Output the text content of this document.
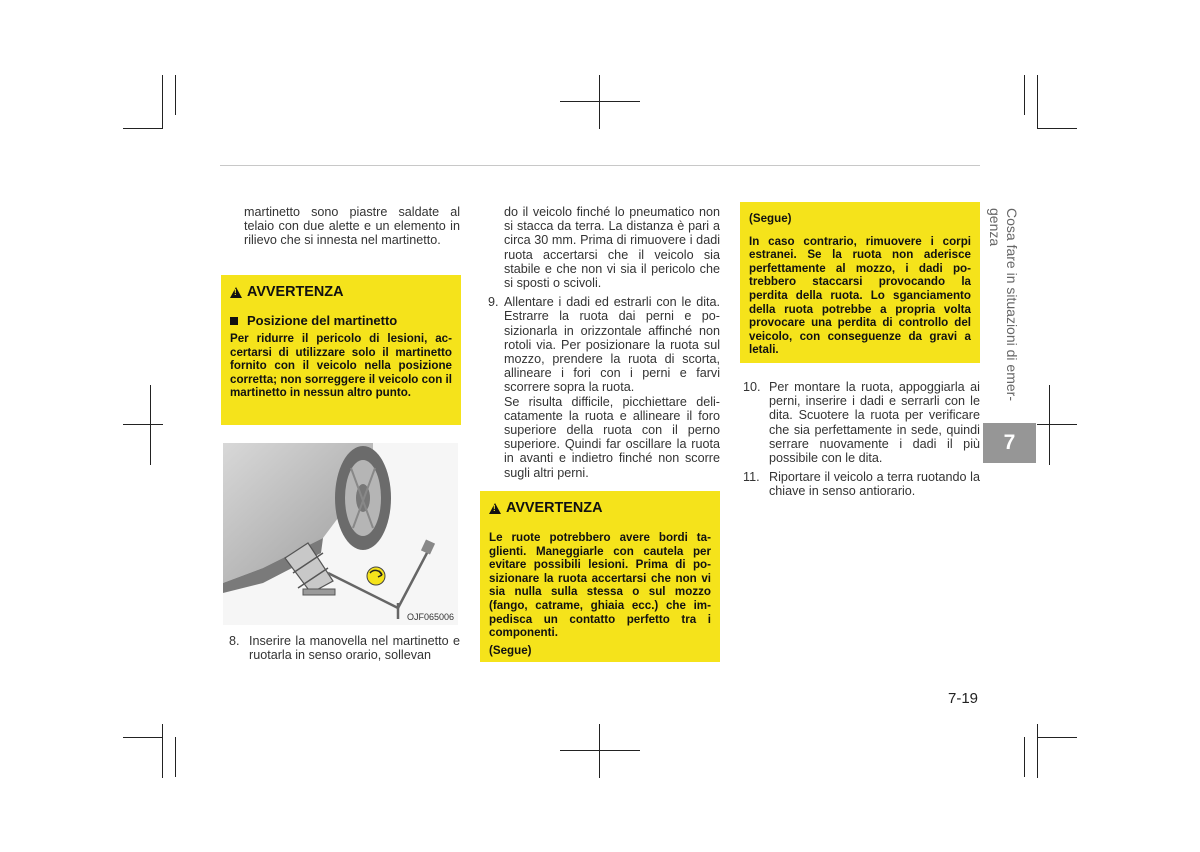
martinetto sono piastre saldate al telaio con due alette e un elemento in rilievo che si innesta nel martinetto.

!
AVVERTENZA
Posizione del martinetto
Per ridurre il pericolo di lesioni, accertarsi di utilizzare solo il martinetto fornito con il veicolo nella posizione corretta; non sorreggere il veicolo con il martinetto in nessun altro punto.
OJF065006
8. Inserire la manovella nel martinetto e ruotarla in senso orario, sollevan

do il veicolo finché lo pneumatico non si stacca da terra. La distanza è pari a circa 30 mm. Prima di rimuovere i dadi ruota accertarsi che il veicolo sia stabile e che non vi sia il pericolo che si sposti o scivoli.

9. Allentare i dadi ed estrarli con le dita. Estrarre la ruota dai perni e posizionarla in orizzontale affinché non rotoli via. Per posizionare la ruota sul mozzo, prendere la ruota di scorta, allineare i fori con i perni e farvi scorrere sopra la ruota.

Se risulta difficile, picchiettare delicatamente la ruota e allineare il foro superiore della ruota con il perno superiore. Quindi far oscillare la ruota in avanti e indietro finché non scorre sugli altri perni.

!
AVVERTENZA
Le ruote potrebbero avere bordi taglienti. Maneggiarle con cautela per evitare possibili lesioni. Prima di posizionare la ruota accertarsi che non vi sia nulla sulla stessa o sul mozzo (fango, catrame, ghiaia ecc.) che impedisca un contatto perfetto tra i componenti.
(Segue)
(Segue)
In caso contrario, rimuovere i corpi estranei. Se la ruota non aderisce perfettamente al mozzo, i dadi potrebbero staccarsi provocando la perdita della ruota. Lo sganciamento della ruota potrebbe a propria volta provocare una perdita di controllo del veicolo, con conseguenze da gravi a letali.
10. Per montare la ruota, appoggiarla ai perni, inserire i dadi e serrarli con le dita. Scuotere la ruota per verificare che sia perfettamente in sede, quindi serrare nuovamente i dadi il più possibile con le dita.
11. Riportare il veicolo a terra ruotando la chiave in senso antiorario.
Cosa fare in situazioni di emergenza
7
7-19
